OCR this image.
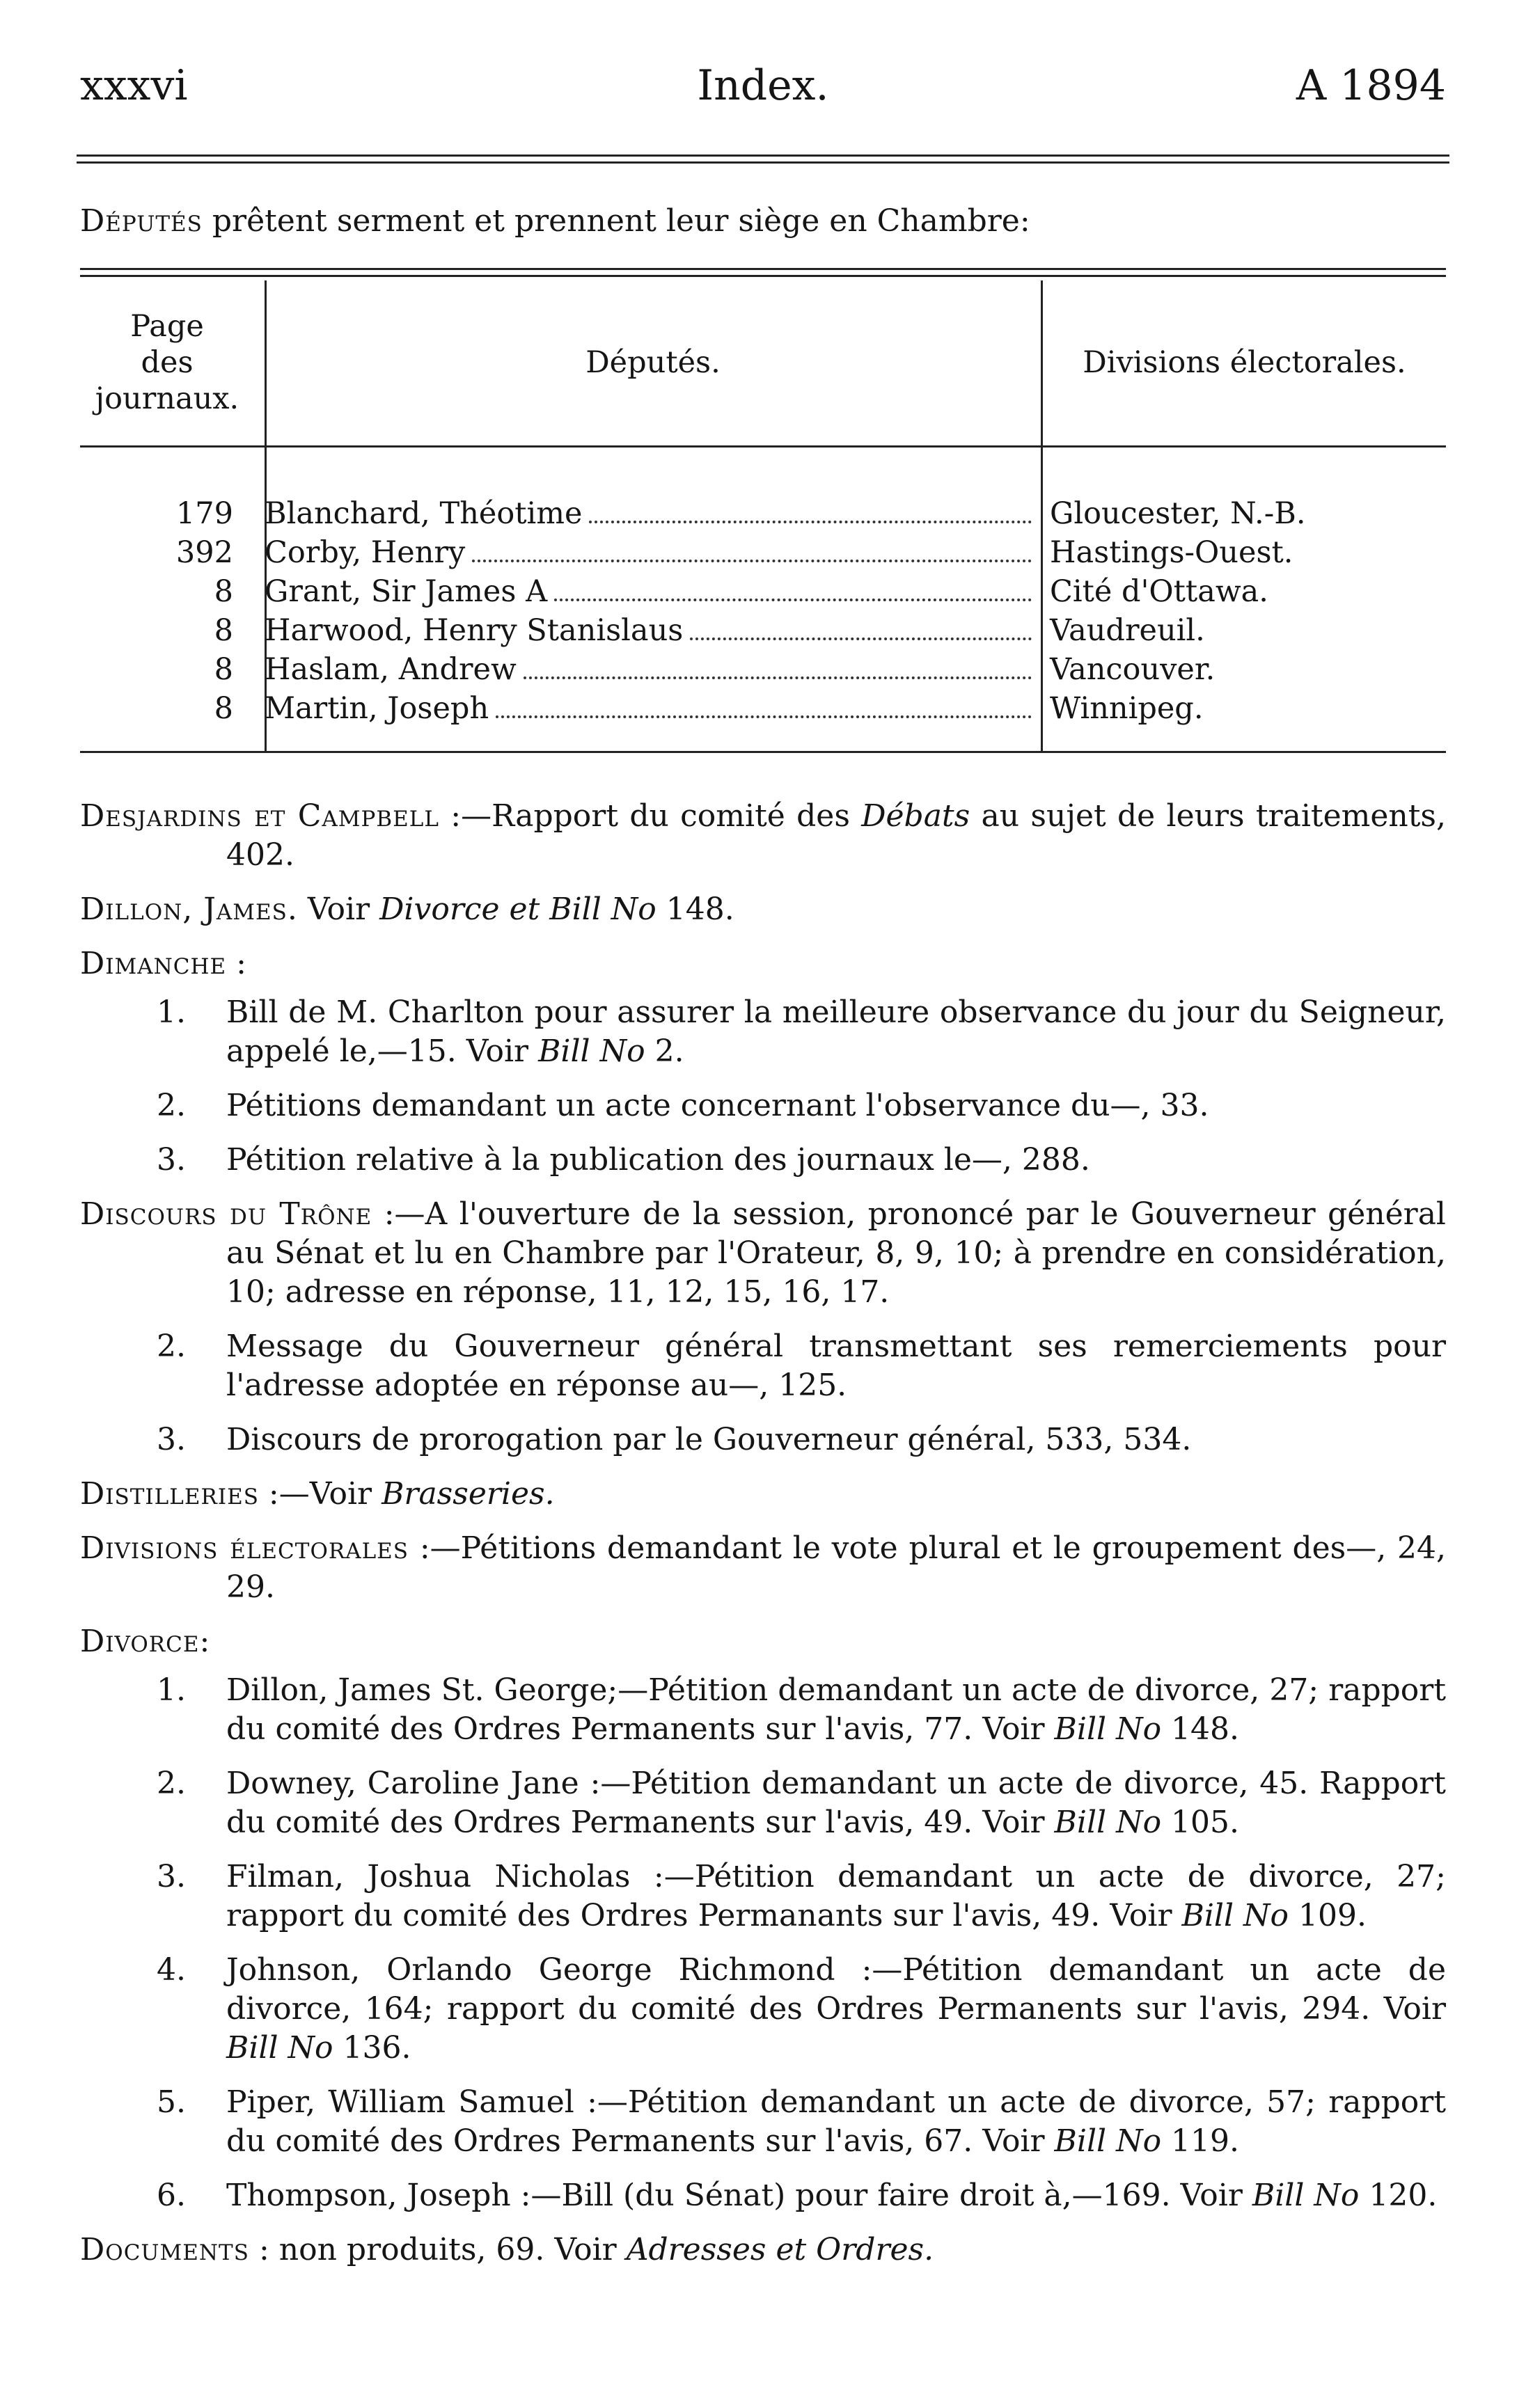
xxxvi	Index.	A 1894
Députés prêtent serment et prennent leur siège en Chambre:
Page
des
journaux.
Députés.	Divisions électorales.
179 Blanchard, Théotime	Gloucester, N.-B.
392 Corby, Henry	Hastings-Ouest.
8 Grant, Sir James A	Cité d'Ottawa.
8 Harwood, Henry Stanislaus	Vaudreuil.
8 Haslam, Andrew	Vancouver.
8 Martin, Joseph	Winnipeg.
Desjardins et Campbell :—Rapport du comité des Débats au sujet de leurs traitements, 402.
Dillon, James. Voir Divorce et Bill No 148.
Dimanche :
1.	Bill de M. Charlton pour assurer la meilleure observance du jour du Seigneur, appelé le,—15. Voir Bill No 2.
2.	Pétitions demandant un acte concernant l'observance du—, 33.
3.	Pétition relative à la publication des journaux le—, 288.
Discours du Trône :—A l'ouverture de la session, prononcé par le Gouverneur général au Sénat et lu en Chambre par l'Orateur, 8, 9, 10; à prendre en considération, 10; adresse en réponse, 11, 12, 15, 16, 17.
2.	Message du Gouverneur général transmettant ses remerciements pour l'adresse adoptée en réponse au—, 125.
3.	Discours de prorogation par le Gouverneur général, 533, 534.
Distilleries :—Voir Brasseries.
Divisions électorales :—Pétitions demandant le vote plural et le groupement des—, 24, 29.
Divorce:
1.	Dillon, James St. George;—Pétition demandant un acte de divorce, 27; rapport du comité des Ordres Permanents sur l'avis, 77. Voir Bill No 148.
2.	Downey, Caroline Jane :—Pétition demandant un acte de divorce, 45. Rapport du comité des Ordres Permanents sur l'avis, 49. Voir Bill No 105.
3.	Filman, Joshua Nicholas :—Pétition demandant un acte de divorce, 27; rapport du comité des Ordres Permanants sur l'avis, 49. Voir Bill No 109.
4.	Johnson, Orlando George Richmond :—Pétition demandant un acte de divorce, 164; rapport du comité des Ordres Permanents sur l'avis, 294. Voir Bill No 136.
5.	Piper, William Samuel :—Pétition demandant un acte de divorce, 57; rapport du comité des Ordres Permanents sur l'avis, 67. Voir Bill No 119.
6.	Thompson, Joseph :—Bill (du Sénat) pour faire droit à,—169. Voir Bill No 120.
Documents : non produits, 69. Voir Adresses et Ordres.
